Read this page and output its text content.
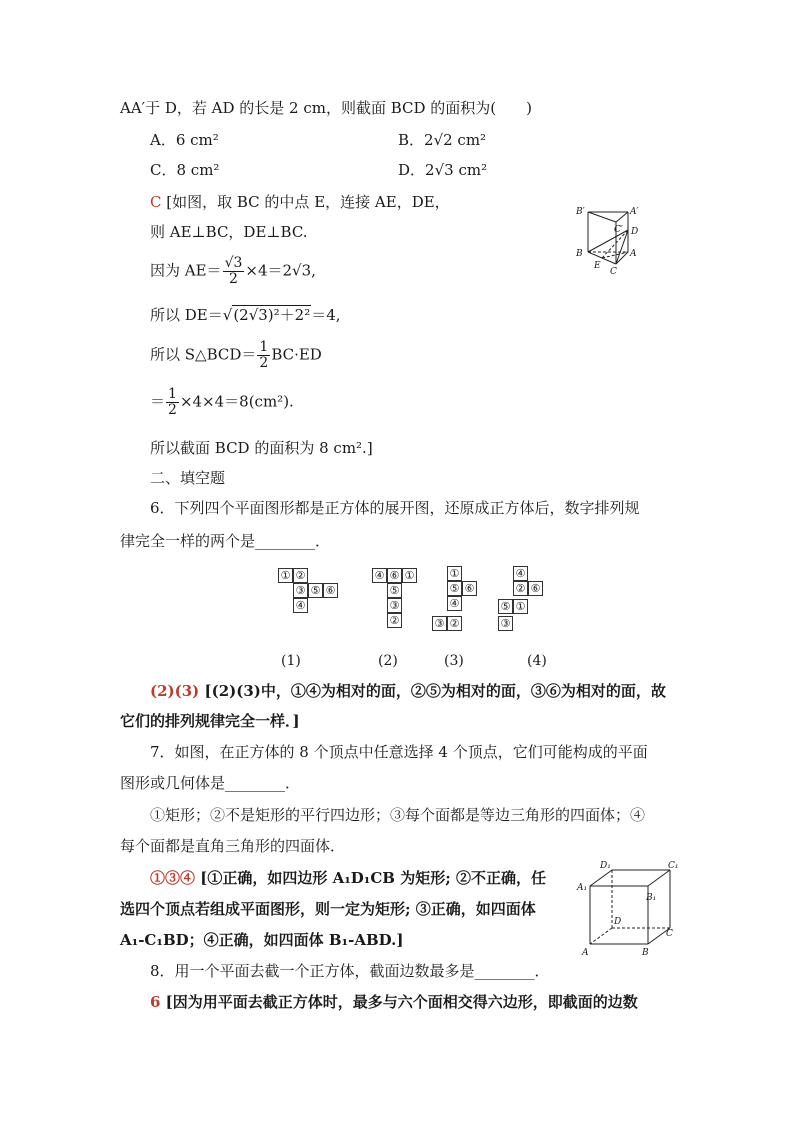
AA′于 D，若 AD 的长是 2 cm，则截面 BCD 的面积为(　　)
A．6 cm²	B．2√2 cm²
C．8 cm²	D．2√3 cm²
C [如图，取 BC 的中点 E，连接 AE，DE，
则 AE⊥BC，DE⊥BC.
因为 $AE= \frac{√3}{2} \times 4=2√3$,
所以 DE＝√(2√3)²＋2²＝4,
所以 S△BCD＝ $\frac{1}{2} BC\cdot ED$
＝ $\frac{1}{2} \times 4\times 4=8(cm^2)$.
所以截面 BCD 的面积为 8 cm².]
B′	A′
C′ D
B	A
E
C
二、填空题
6．下列四个平面图形都是正方体的展开图，还原成正方体后，数字排列规
律完全一样的两个是________．
① ②
③ ⑤ ⑥
④
④ ⑥ ①
⑤
③
②
①
⑤ ⑥
④
③ ②
④
② ⑥
⑤ ①
③
(1)	(2)	(3)	(4)
(2)(3) [(2)(3)中，①④为相对的面，②⑤为相对的面，③⑥为相对的面，故
它们的排列规律完全一样．]
7．如图，在正方体的 8 个顶点中任意选择 4 个顶点，它们可能构成的平面
图形或几何体是________．
①矩形；②不是矩形的平行四边形；③每个面都是等边三角形的四面体；④
每个面都是直角三角形的四面体．
①③④ [①正确，如四边形 A₁D₁CB 为矩形; ②不正确，任
选四个顶点若组成平面图形，则一定为矩形; ③正确，如四面体
A₁-C₁BD；④正确，如四面体 B₁-ABD.]
D₁	C₁
A₁
B₁
D
C
A	B
8．用一个平面去截一个正方体，截面边数最多是________．
6 [因为用平面去截正方体时，最多与六个面相交得六边形，即截面的边数
